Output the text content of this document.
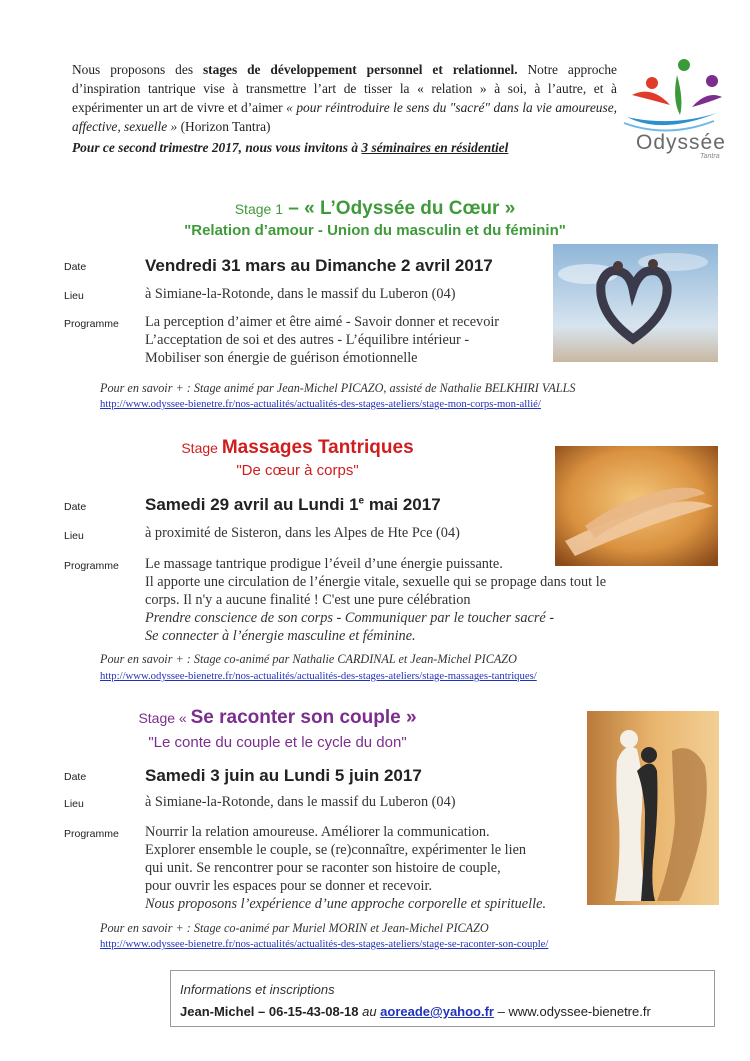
Nous proposons des stages de développement personnel et relationnel. Notre approche d’inspiration tantrique vise à transmettre l’art de tisser la « relation » à soi, à l’autre, et à expérimenter un art de vivre et d’aimer « pour réintroduire le sens du "sacré" dans la vie amoureuse, affective, sexuelle » (Horizon Tantra)

Pour ce second trimestre 2017, nous vous invitons à 3 séminaires en résidentiel	Odyssée
Tantra
Stage 1 – « L’Odyssée du Cœur »
"Relation d’amour - Union du masculin et du féminin"
Date	Vendredi 31 mars au Dimanche 2 avril 2017
Lieu	à Simiane-la-Rotonde, dans le massif du Luberon (04)
Programme La perception d’aimer et être aimé - Savoir donner et recevoir
L’acceptation de soi et des autres - L’équilibre intérieur -
Mobiliser son énergie de guérison émotionnelle
Pour en savoir + : Stage animé par Jean-Michel PICAZO, assisté de Nathalie BELKHIRI VALLS
http://www.odyssee-bienetre.fr/nos-actualités/actualités-des-stages-ateliers/stage-mon-corps-mon-allié/
Stage Massages Tantriques
"De cœur à corps"
Date	Samedi 29 avril au Lundi 1e mai 2017
Lieu	à proximité de Sisteron, dans les Alpes de Hte Pce (04)
Programme Le massage tantrique prodigue l’éveil d’une énergie puissante.
Il apporte une circulation de l’énergie vitale, sexuelle qui se propage dans tout le
corps. Il n'y a aucune finalité ! C'est une pure célébration
Prendre conscience de son corps - Communiquer par le toucher sacré -
Se connecter à l’énergie masculine et féminine.
Pour en savoir + : Stage co-animé par Nathalie CARDINAL et Jean-Michel PICAZO
http://www.odyssee-bienetre.fr/nos-actualités/actualités-des-stages-ateliers/stage-massages-tantriques/
Stage « Se raconter son couple »
"Le conte du couple et le cycle du don"
Date	Samedi 3 juin au Lundi 5 juin 2017
Lieu	à Simiane-la-Rotonde, dans le massif du Luberon (04)
Programme Nourrir la relation amoureuse. Améliorer la communication.
Explorer ensemble le couple, se (re)connaître, expérimenter le lien
qui unit. Se rencontrer pour se raconter son histoire de couple,
pour ouvrir les espaces pour se donner et recevoir.
Nous proposons l’expérience d’une approche corporelle et spirituelle.
Pour en savoir + : Stage co-animé par Muriel MORIN et Jean-Michel PICAZO
http://www.odyssee-bienetre.fr/nos-actualités/actualités-des-stages-ateliers/stage-se-raconter-son-couple/
Informations et inscriptions
Jean-Michel – 06-15-43-08-18 au aoreade@yahoo.fr – www.odyssee-bienetre.fr
